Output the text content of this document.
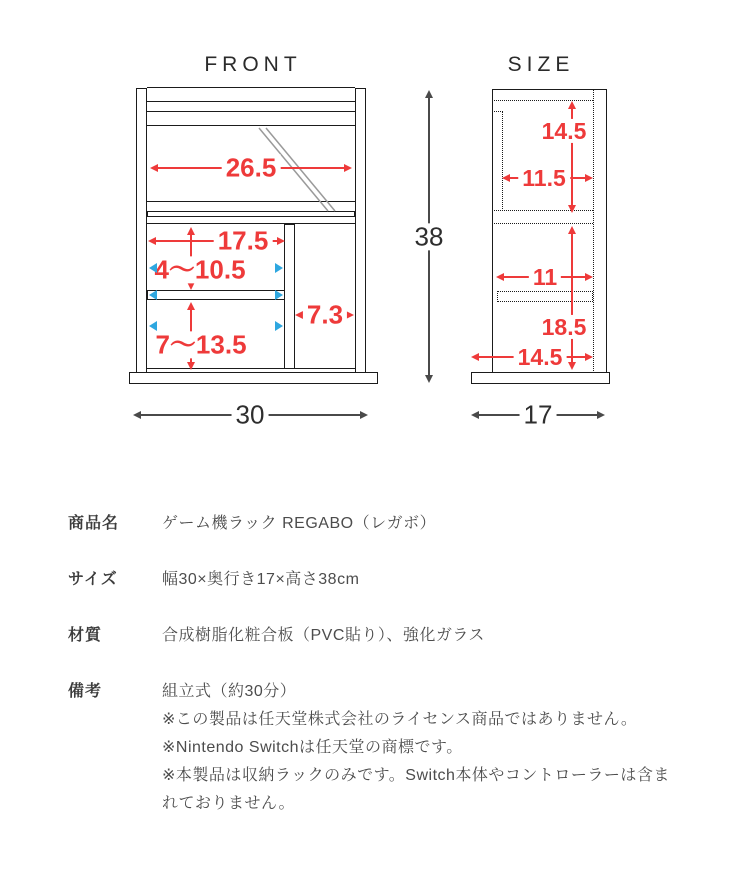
FRONT
26.5
17.5
4〜10.5
7〜13.5
7.3
38
30	17
SIZE
14.5
11.5
11
18.5
14.5
商品名	ゲーム機ラック REGABO（レガボ）
サイズ	幅30×奥行き17×高さ38cm
材質	合成樹脂化粧合板（PVC貼り）、強化ガラス
備考	組立式（約30分）
※この製品は任天堂株式会社のライセンス商品ではありません。
※Nintendo Switchは任天堂の商標です。
※本製品は収納ラックのみです。Switch本体やコントローラーは含まれておりません。
